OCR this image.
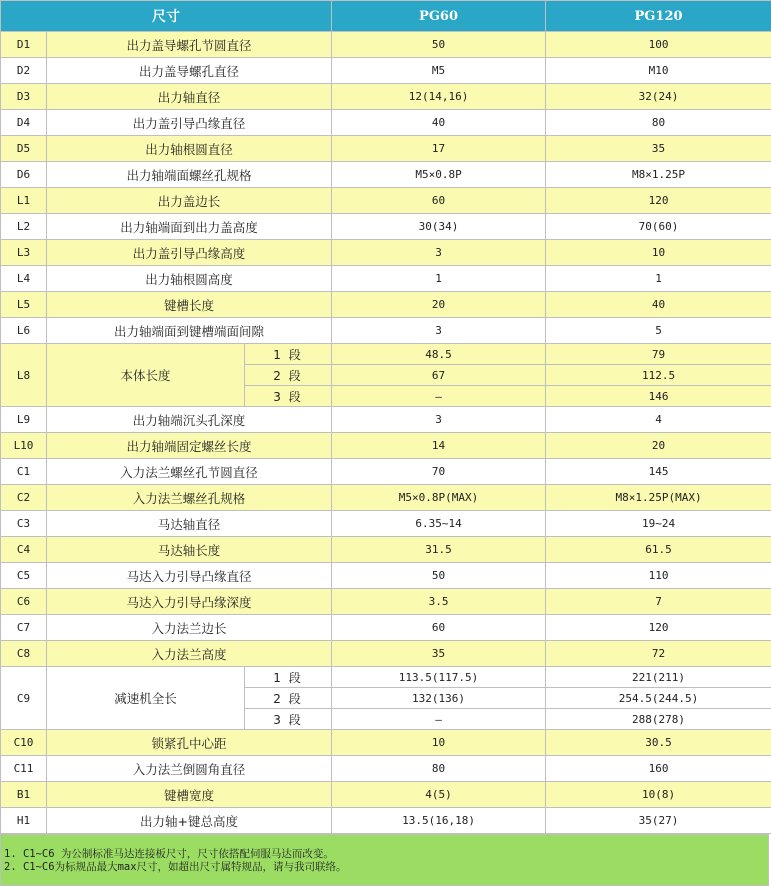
尺寸			PG60	PG120
D1	出力盖导螺孔节圆直径		50	100
D2	出力盖导螺孔直径		M5	M10
D3	出力轴直径		12(14,16)	32(24)
D4	出力盖引导凸缘直径		40	80
D5	出力轴根圆直径		17	35
D6	出力轴端面螺丝孔规格		M5×0.8P	M8×1.25P
L1	出力盖边长		60	120
L2	出力轴端面到出力盖高度		30(34)	70(60)
L3	出力盖引导凸缘高度		3	10
L4	出力轴根圆高度		1	1
L5	键槽长度		20	40
L6	出力轴端面到键槽端面间隙		3	5
L8	本体长度	1 段	48.5	79
		2 段	67	112.5
		3 段	—	146
L9	出力轴端沉头孔深度		3	4
L10	出力轴端固定螺丝长度		14	20
C1	入力法兰螺丝孔节圆直径		70	145
C2	入力法兰螺丝孔规格		M5×0.8P(MAX)	M8×1.25P(MAX)
C3	马达轴直径		6.35~14	19~24
C4	马达轴长度		31.5	61.5
C5	马达入力引导凸缘直径		50	110
C6	马达入力引导凸缘深度		3.5	7
C7	入力法兰边长		60	120
C8	入力法兰高度		35	72
C9	减速机全长	1 段	113.5(117.5)	221(211)
		2 段	132(136)	254.5(244.5)
		3 段	—	288(278)
C10	锁紧孔中心距		10	30.5
C11	入力法兰倒圆角直径		80	160
B1	键槽宽度		4(5)	10(8)
H1	出力轴+键总高度		13.5(16,18)	35(27)
1. C1~C6 为公制标准马达连接板尺寸，尺寸依搭配伺服马达而改变。
2. C1~C6为标规品最大max尺寸，如超出尺寸属特规品，请与我司联络。
